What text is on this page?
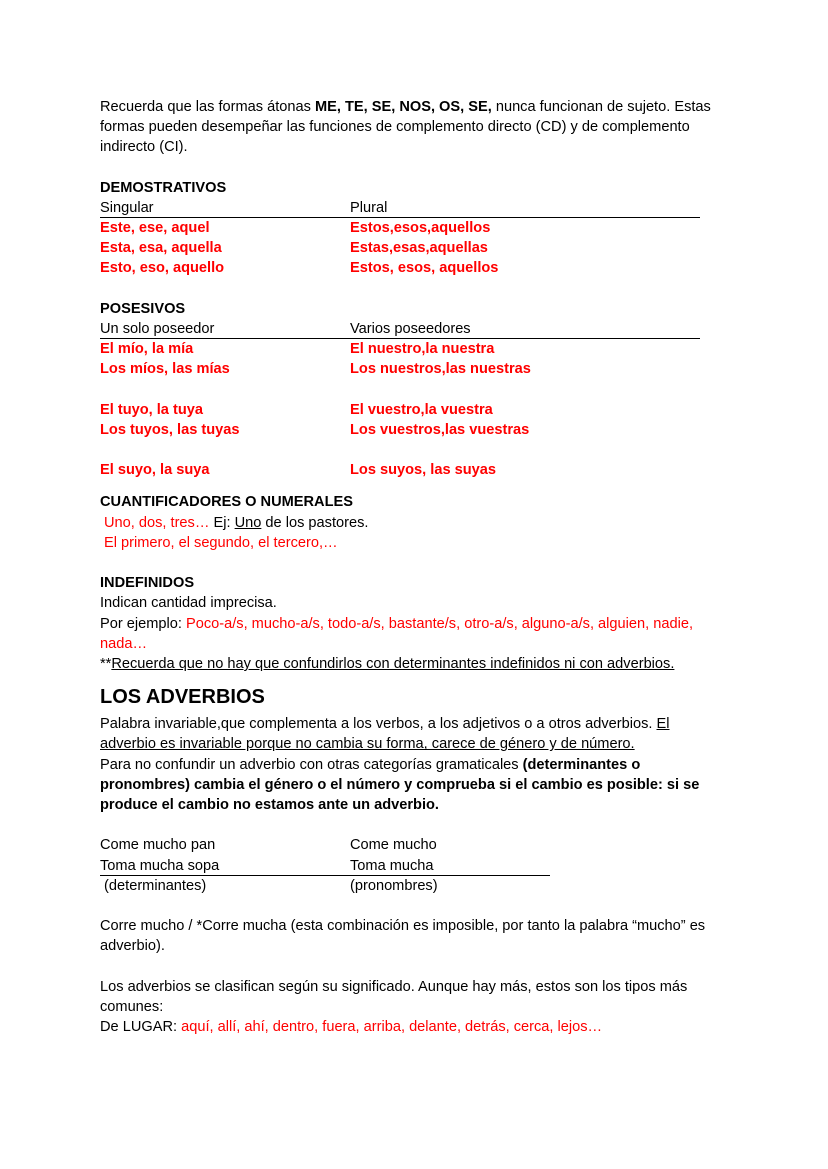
Recuerda que las formas átonas ME, TE, SE, NOS, OS, SE, nunca funcionan de sujeto. Estas formas pueden desempeñar las funciones de complemento directo (CD) y de complemento indirecto (CI).

DEMOSTRATIVOS

Singular	Plural
Este, ese, aquel	Estos,esos,aquellos
Esta, esa, aquella	Estas,esas,aquellas
Esto, eso, aquello	Estos, esos, aquellos

POSESIVOS

Un solo poseedor	Varios poseedores
El mío, la mía	El nuestro,la nuestra
Los míos, las mías	Los nuestros,las nuestras
El tuyo, la tuya	El vuestro,la vuestra
Los tuyos, las tuyas	Los vuestros,las vuestras
El suyo, la suya	Los suyos, las suyas

CUANTIFICADORES O NUMERALES

Uno, dos, tres… Ej: Uno de los pastores.

El primero, el segundo, el tercero,…

INDEFINIDOS

Indican cantidad imprecisa.

Por ejemplo: Poco-a/s, mucho-a/s, todo-a/s, bastante/s, otro-a/s, alguno-a/s, alguien, nadie, nada…

**Recuerda que no hay que confundirlos con determinantes indefinidos ni con adverbios.

LOS ADVERBIOS

Palabra invariable,que complementa a los verbos, a los adjetivos o a otros adverbios. El adverbio es invariable porque no cambia su forma, carece de género y de número.

Para no confundir un adverbio con otras categorías gramaticales (determinantes o pronombres) cambia el género o el número y comprueba si el cambio es posible: si se produce el cambio no estamos ante un adverbio.

Come mucho pan	Come mucho
Toma mucha sopa	Toma mucha
(determinantes)	(pronombres)

Corre mucho / *Corre mucha (esta combinación es imposible, por tanto la palabra “mucho” es adverbio).

Los adverbios se clasifican según su significado. Aunque hay más, estos son los tipos más comunes:

De LUGAR: aquí, allí, ahí, dentro, fuera, arriba, delante, detrás, cerca, lejos…
